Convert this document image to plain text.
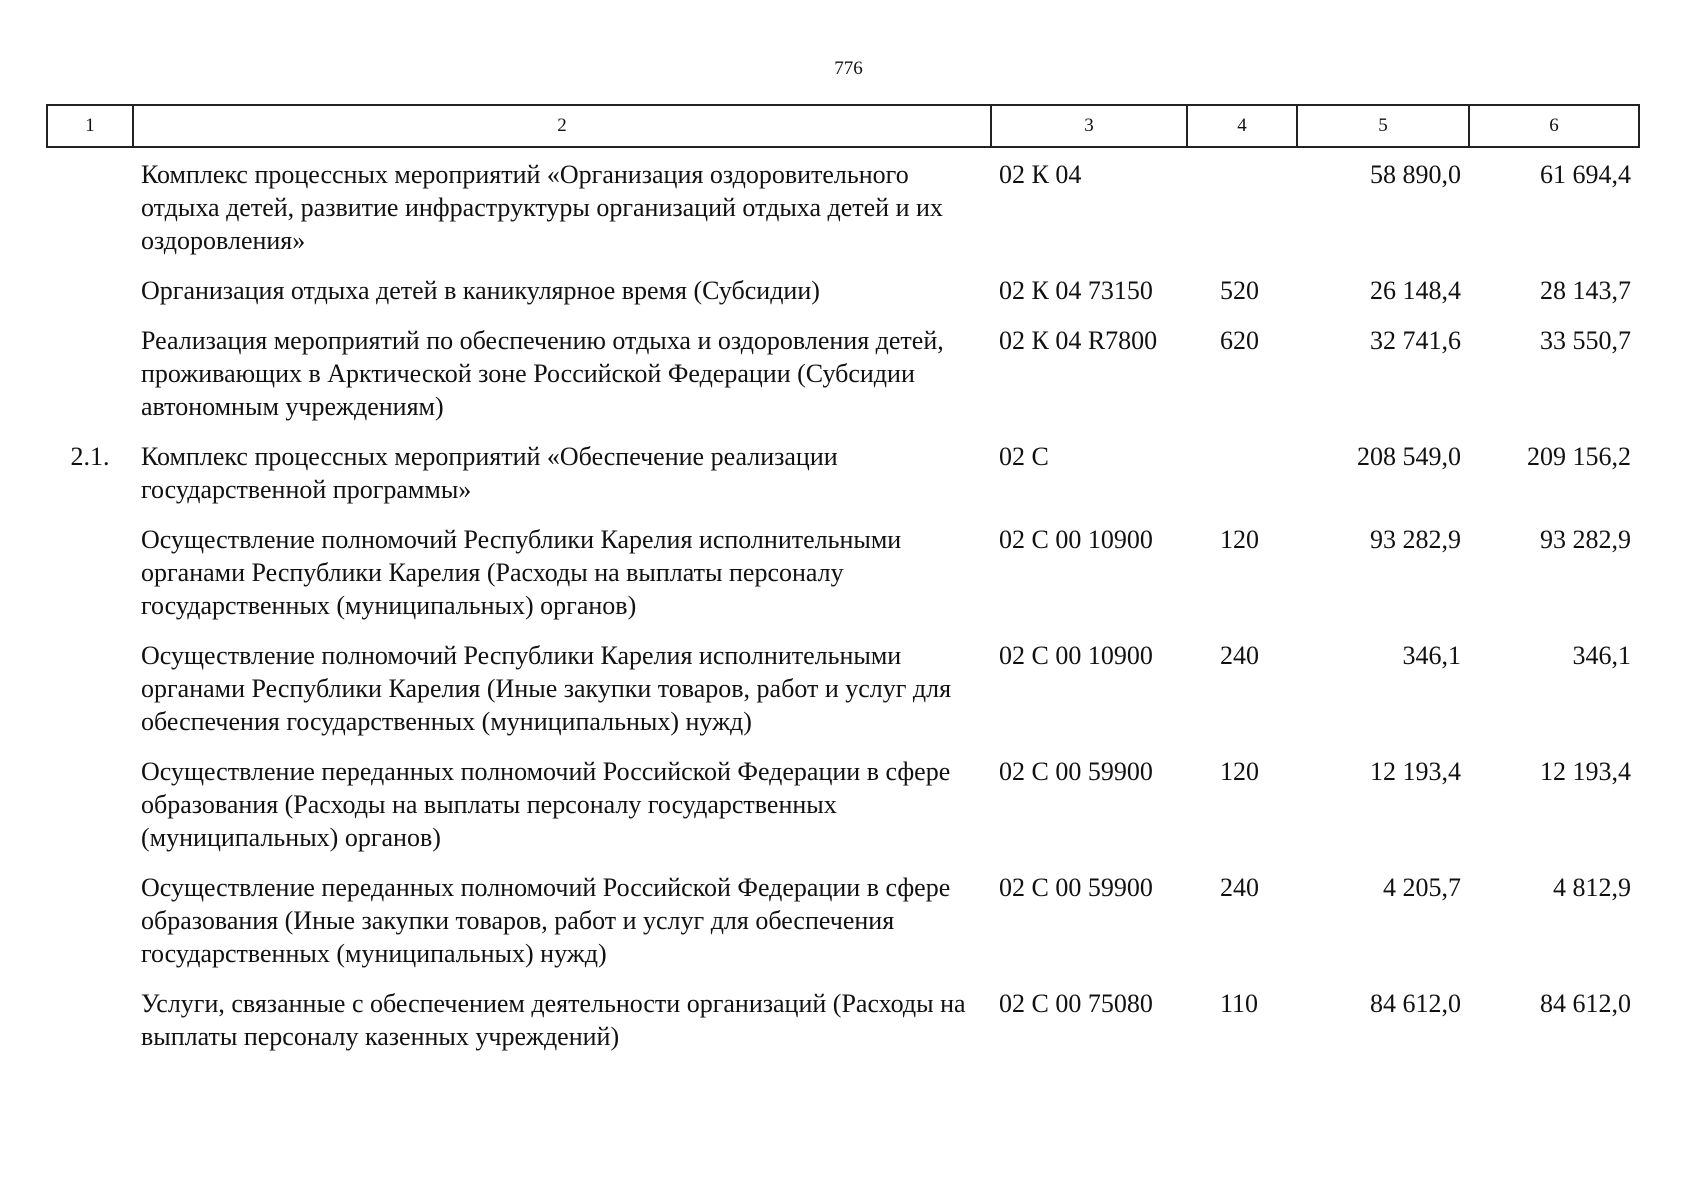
776
1	2	3	4	5	6
	Комплекс процессных мероприятий «Организация оздоровительного отдыха детей, развитие инфраструктуры организаций отдыха детей и их оздоровления»	02 К 04		58 890,0	61 694,4
	Организация отдыха детей в каникулярное время (Субсидии)	02 К 04 73150	520	26 148,4	28 143,7
	Реализация мероприятий по обеспечению отдыха и оздоровления детей, проживающих в Арктической зоне Российской Федерации (Субсидии автономным учреждениям)	02 К 04 R7800	620	32 741,6	33 550,7
2.1.	Комплекс процессных мероприятий «Обеспечение реализации государственной программы»	02 С		208 549,0	209 156,2
	Осуществление полномочий Республики Карелия исполнительными органами Республики Карелия (Расходы на выплаты персоналу государственных (муниципальных) органов)	02 С 00 10900	120	93 282,9	93 282,9
	Осуществление полномочий Республики Карелия исполнительными органами Республики Карелия (Иные закупки товаров, работ и услуг для обеспечения государственных (муниципальных) нужд)	02 С 00 10900	240	346,1	346,1
	Осуществление переданных полномочий Российской Федерации в сфере образования (Расходы на выплаты персоналу государственных (муниципальных) органов)	02 С 00 59900	120	12 193,4	12 193,4
	Осуществление переданных полномочий Российской Федерации в сфере образования (Иные закупки товаров, работ и услуг для обеспечения государственных (муниципальных) нужд)	02 С 00 59900	240	4 205,7	4 812,9
	Услуги, связанные с обеспечением деятельности организаций (Расходы на выплаты персоналу казенных учреждений)	02 С 00 75080	110	84 612,0	84 612,0
